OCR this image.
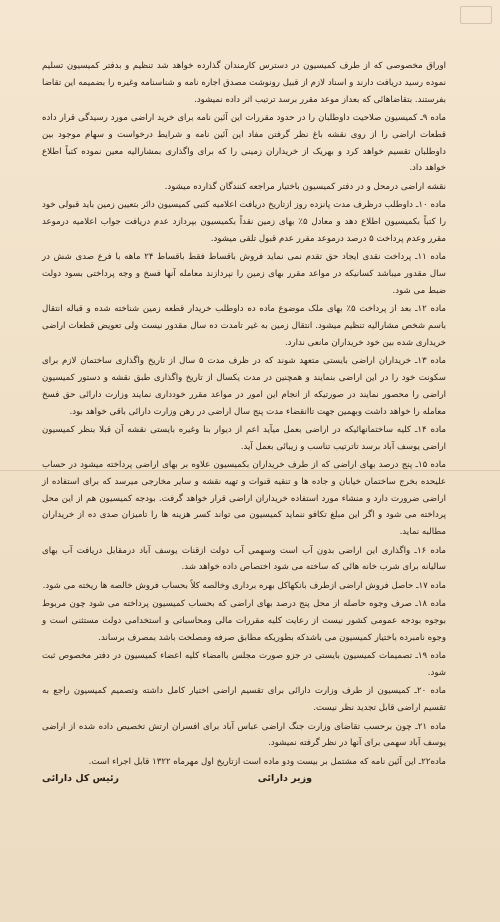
اوراق مخصوصی که از طرف کمیسیون در دسترس کارمندان گذارده خواهد شد تنظیم و بدفتر کمیسیون تسلیم نموده رسید دریافت دارند و اسناد لازم از قبیل رونوشت مصدق اجاره نامه و شناسنامه وغیره را بضمیمه این تقاضا بفرستند. بتقاضاهائی که بعداز موعد مقرر برسد ترتیب اثر داده نمیشود.

ماده ۹ـ کمیسیون صلاحیت داوطلبان را در حدود مقررات این آئین نامه برای خرید اراضی مورد رسیدگی قرار داده قطعات اراضی را از روی نقشه باغ نظر گرفتن مفاد این آئین نامه و شرایط درخواست و سهام موجود بین داوطلبان تقسیم خواهد کرد و بهریک از خریداران زمینی را که برای واگذاری بمشارالیه معین نموده کتباً اطلاع خواهد داد.

نقشه اراضی درمحل و در دفتر کمیسیون باختیار مراجعه کنندگان گذارده میشود.

ماده ۱۰ـ داوطلب درظرف مدت پانزده روز ازتاریخ دریافت اعلامیه کتبی کمیسیون دائر بتعیین زمین باید قبولی خود را کتباً بکمیسیون اطلاع دهد و معادل ۵٪ بهای زمین نقداً بکمیسیون بپردازد عدم دریافت جواب اعلامیه درموعد مقرر وعدم پرداخت ۵ درصد درموعد مقرر عدم قبول تلقی میشود.

ماده ۱۱ـ پرداخت نقدی ایجاد حق تقدم نمی نماید فروش باقساط فقط باقساط ۲۴ ماهه با فرع صدی شش در سال مقدور میباشد کسانیکه در مواعد مقرر بهای زمین را نپردازند معامله آنها فسخ و وجه پرداختی بسود دولت ضبط می شود.

ماده ۱۲ـ بعد از پرداخت ۵٪ بهای ملک موضوع ماده ده داوطلب خریدار قطعه زمین شناخته شده و قباله انتقال باسم شخص مشارالیه تنظیم میشود. انتقال زمین به غیر تامدت ده سال مقدور نیست ولی تعویض قطعات اراضی خریداری شده بین خود خریداران مانعی ندارد.

ماده ۱۳ـ خریداران اراضی بایستی متعهد شوند که در ظرف مدت ۵ سال از تاریخ واگذاری ساختمان لازم برای سکونت خود را در این اراضی بنمایند و همچنین در مدت یکسال از تاریخ واگذاری طبق نقشه و دستور کمیسیون اراضی را محصور نمایند در صورتیکه از انجام این امور در مواعد مقرر خودداری نمایند وزارت دارائی حق فسخ معامله را خواهد داشت وبهمین جهت تاانقضاء مدت پنج سال اراضی در رهن وزارت دارائی باقی خواهد بود.

ماده ۱۴ـ کلیه ساختمانهائیکه در اراضی بعمل میآید اعم از دیوار بنا وغیره بایستی نقشه آن قبلا بنظر کمیسیون اراضی یوسف آباد برسد تاترتیب تناسب و زیبائی بعمل آید.

ماده ۱۵ـ پنج درصد بهای اراضی که از طرف خریداران بکمیسیون علاوه بر بهای اراضی پرداخته میشود در حساب علیحده بخرج ساختمان خیابان و جاده ها و تنقیه قنوات و تهیه نقشه و سایر مخارجی میرسد که برای استفاده از اراضی ضرورت دارد و منشاء مورد استفاده خریداران اراضی قرار خواهد گرفت. بودجه کمیسیون هم از این محل پرداخته می شود و اگر این مبلغ تکافو ننماید کمیسیون می تواند کسر هزینه ها را تامیزان صدی ده از خریداران مطالبه نماید.

ماده ۱۶ـ واگذاری این اراضی بدون آب است وسهمی آب دولت ازقنات یوسف آباد درمقابل دریافت آب بهای سالیانه برای شرب خانه هائی که ساخته می شود اختصاص داده خواهد شد.

ماده ۱۷ـ حاصل فروش اراضی ازطرف بانکهاکل بهره برداری وخالصه کلاً بحساب فروش خالصه ها ریخته می شود.

ماده ۱۸ـ صرف وجوه حاصله از محل پنج درصد بهای اراضی که بحساب کمیسیون پرداخته می شود چون مربوط بوجوه بودجه عمومی کشور نیست از رعایت کلیه مقررات مالی ومحاسباتی و استخدامی دولت مستثنی است و وجوه نامبرده باختیار کمیسیون می باشدکه بطوریکه مطابق صرفه ومصلحت باشد بمصرف برساند.

ماده ۱۹ـ تصمیمات کمیسیون بایستی در جزو صورت مجلس باامضاء کلیه اعضاء کمیسیون در دفتر مخصوص ثبت شود.

ماده ۲۰ـ کمیسیون از طرف وزارت دارائی برای تقسیم اراضی اختیار کامل داشته وتصمیم کمیسیون راجع به تقسیم اراضی قابل تجدید نظر نیست.

ماده ۲۱ـ چون برحسب تقاضای وزارت جنگ اراضی عباس آباد برای افسران ارتش تخصیص داده شده از اراضی یوسف آباد سهمی برای آنها در نظر گرفته نمیشود.

ماده۲۲ـ این آئین نامه که مشتمل بر بیست ودو ماده است ازتاریخ اول مهرماه ۱۳۲۲ قابل اجراء است.

وزیر دارائی
رئیس کل دارائی
